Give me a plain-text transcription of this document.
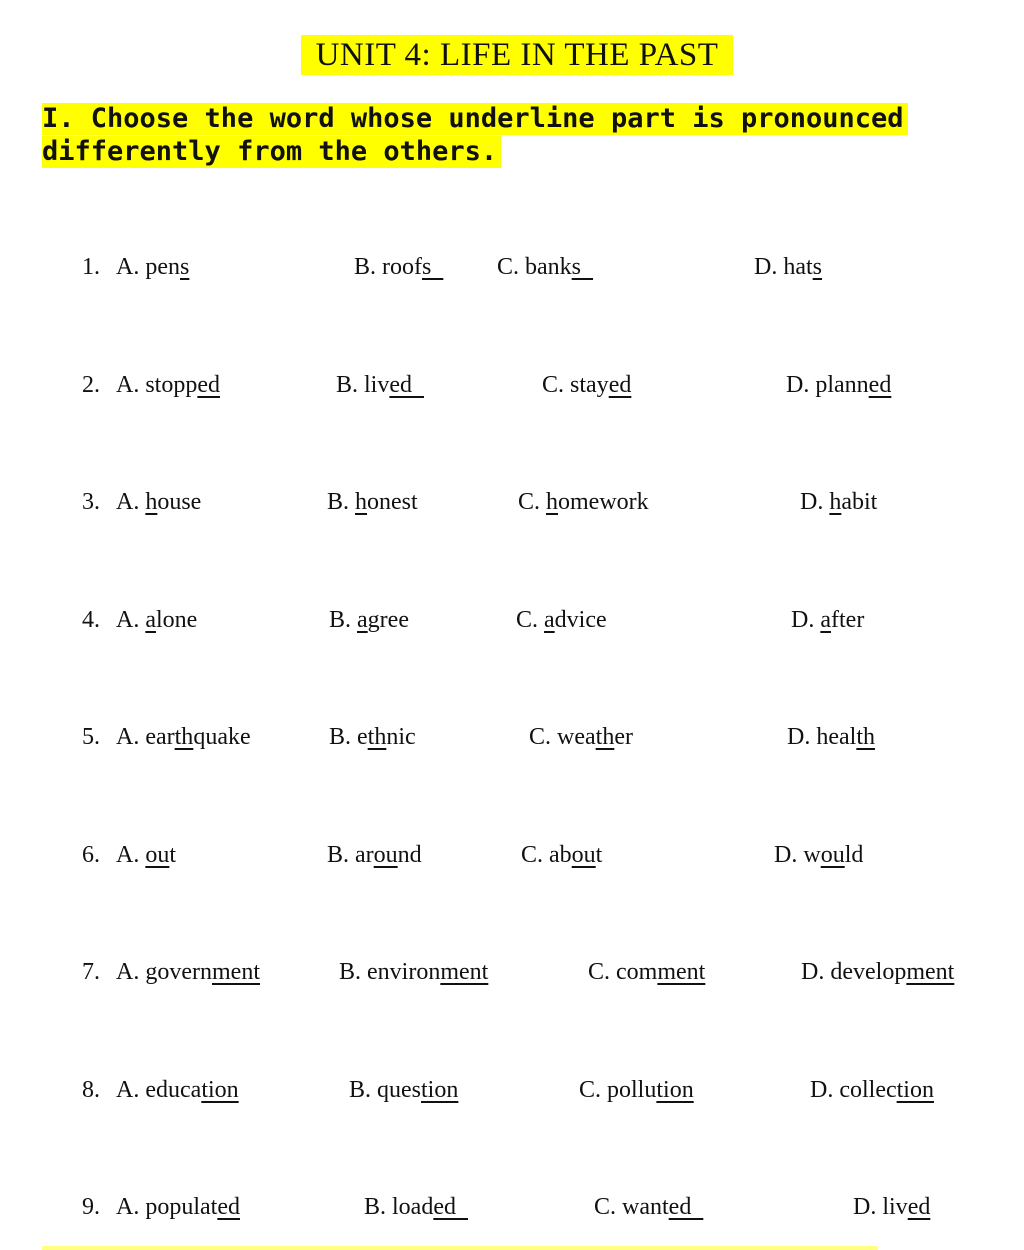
UNIT 4: LIFE IN THE PAST
I. Choose the word whose underline part is pronounced
differently from the others.
1. A. pens	B. roofs C. banks	D. hats
2. A. stopped	B. lived	C. stayed	D. planned
3. A. house	B. honest	C. homework	D. habit
4. A. alone	B. agree	C. advice	D. after
5. A. earthquake	B. ethnic	C. weather	D. health
6. A. out	B. around	C. about	D. would
7. A. government	B. environment	C. comment	D. development
8. A. education	B. question	C. pollution	D. collection
9. A. populated	B. loaded	C. wanted	D. lived
